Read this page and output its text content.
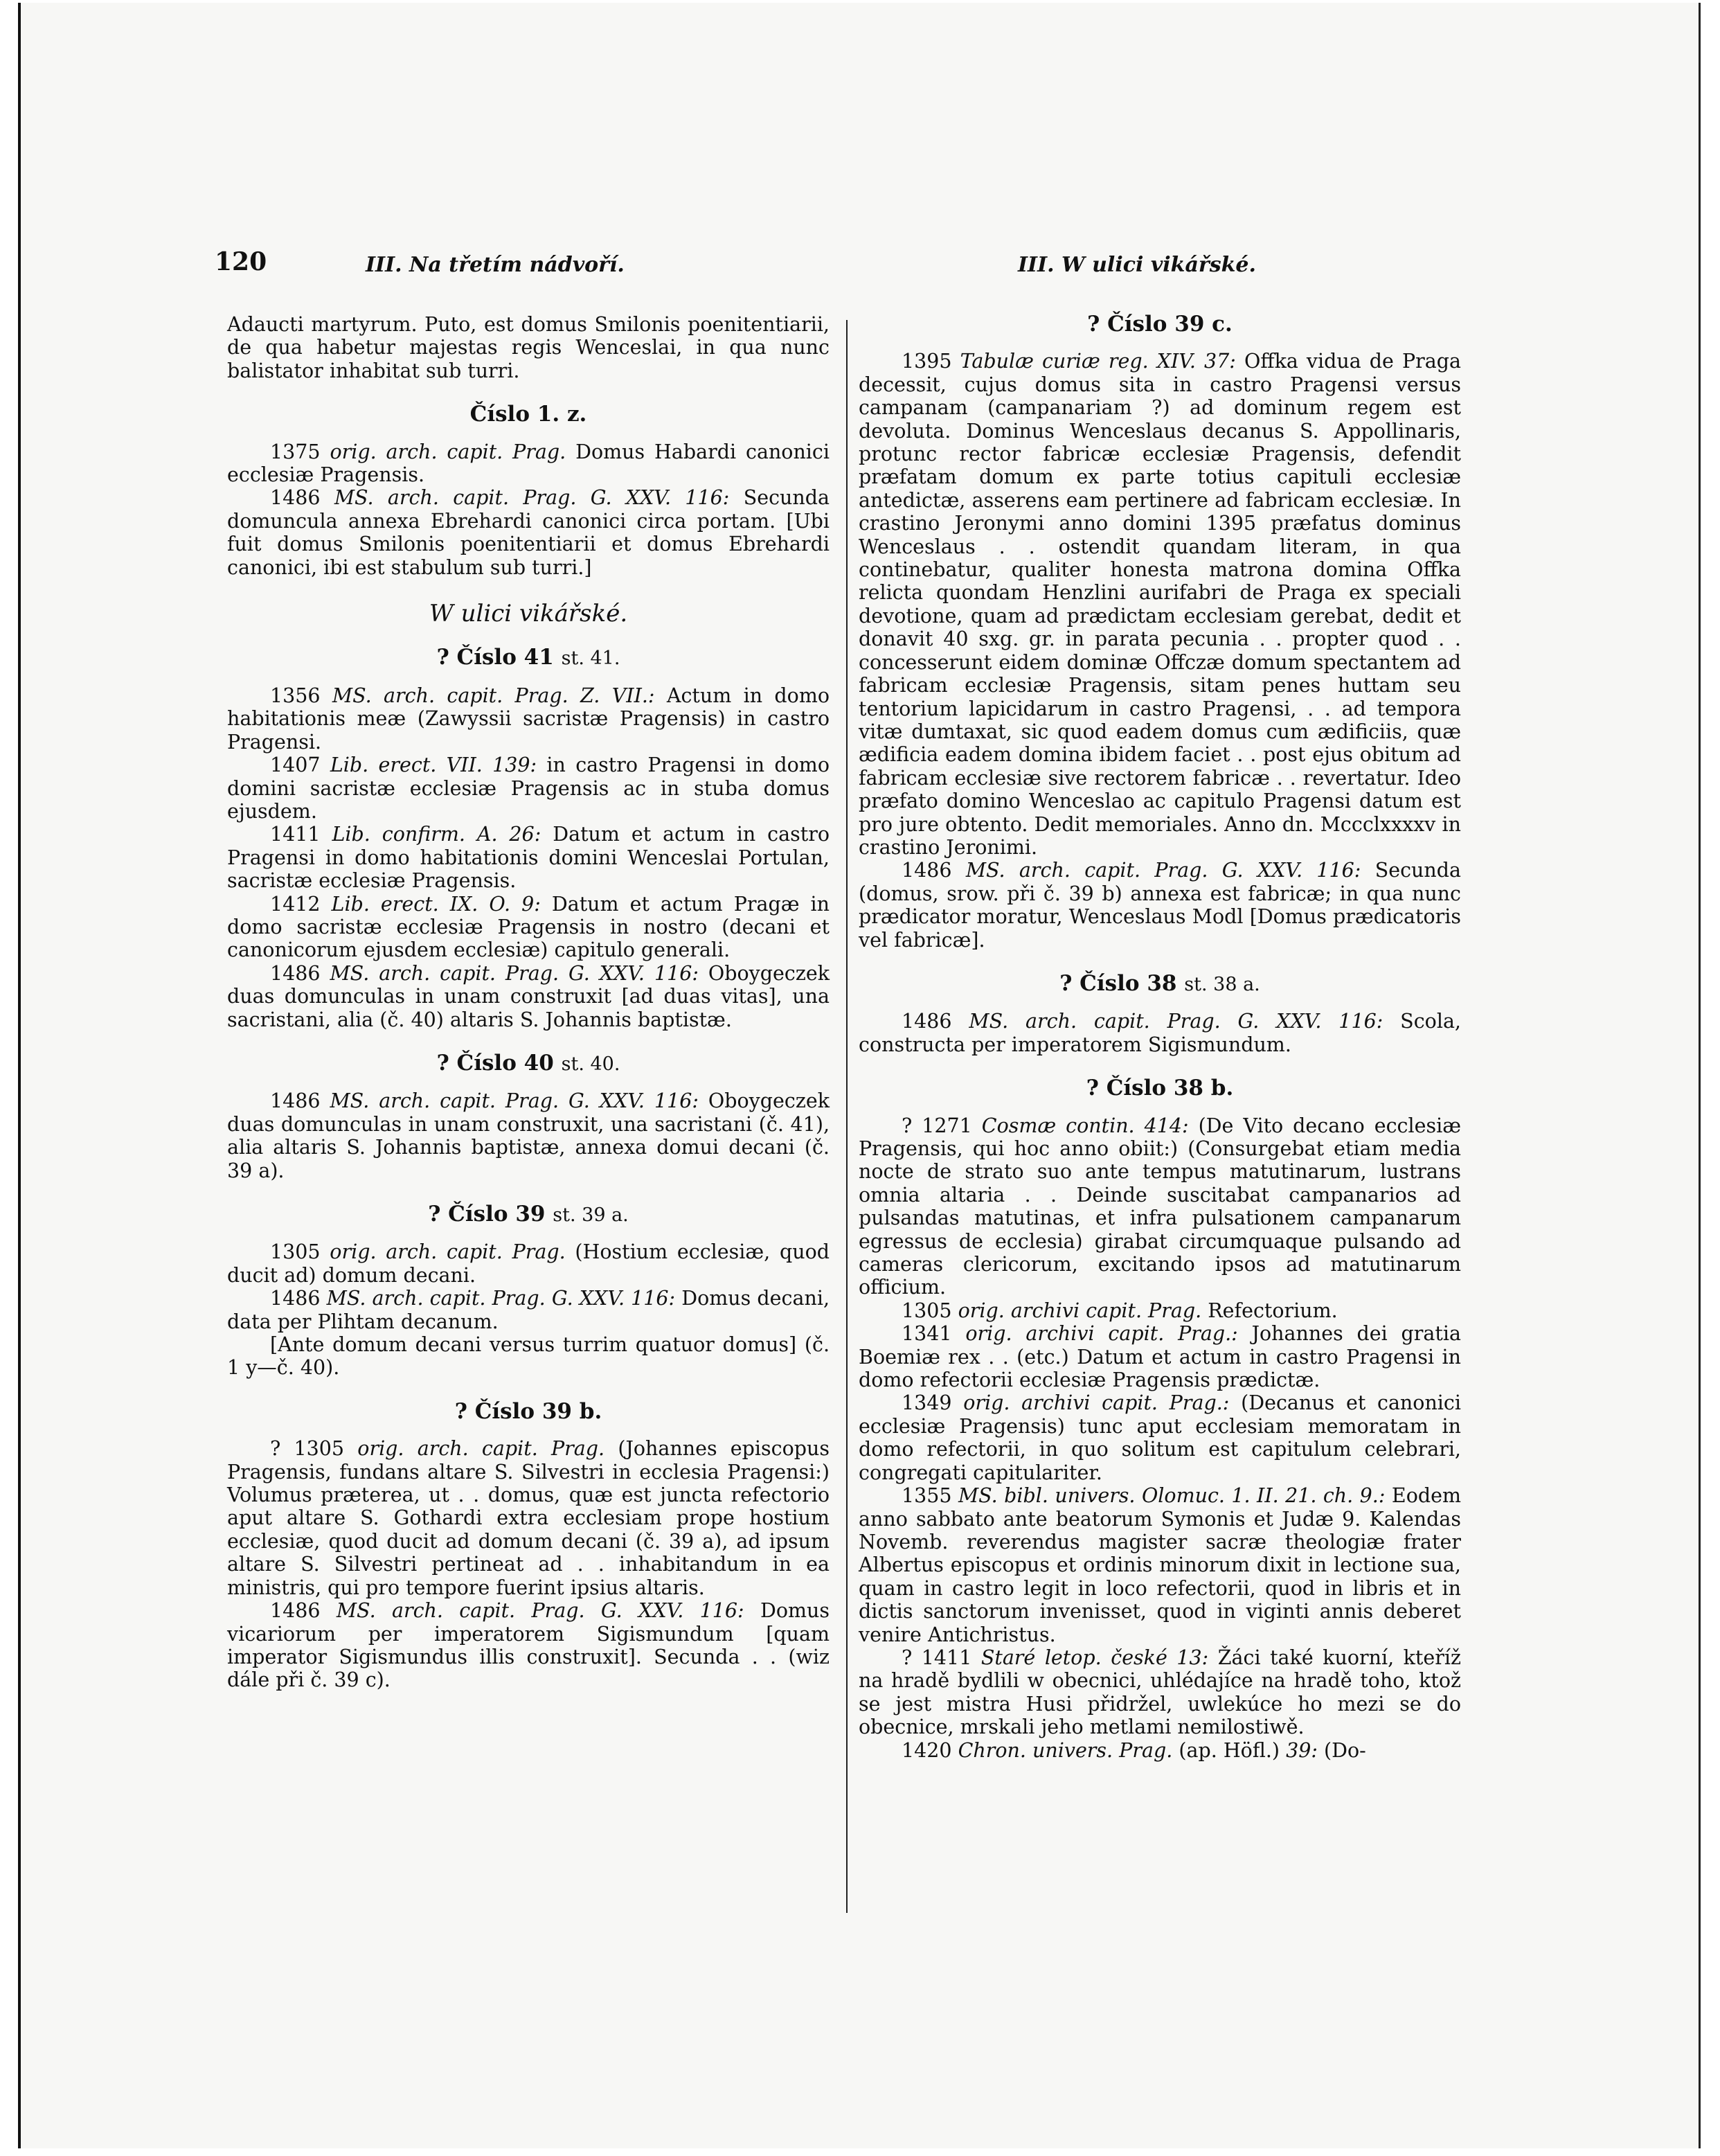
120	III. Na třetím nádvoří.	III. W ulici vikářské.

Adaucti martyrum. Puto, est domus Smilonis poenitentiarii, de qua habetur majestas regis Wenceslai, in qua nunc balistator inhabitat sub turri.

Číslo 1. z.

1375 orig. arch. capit. Prag. Domus Habardi canonici ecclesiæ Pragensis.

1486 MS. arch. capit. Prag. G. XXV. 116: Secunda domuncula annexa Ebrehardi canonici circa portam. [Ubi fuit domus Smilonis poenitentiarii et domus Ebrehardi canonici, ibi est stabulum sub turri.]

W ulici vikářské.
? Číslo 41 st. 41.

1356 MS. arch. capit. Prag. Z. VII.: Actum in domo habitationis meæ (Zawyssii sacristæ Pragensis) in castro Pragensi.

1407 Lib. erect. VII. 139: in castro Pragensi in domo domini sacristæ ecclesiæ Pragensis ac in stuba domus ejusdem.

1411 Lib. confirm. A. 26: Datum et actum in castro Pragensi in domo habitationis domini Wenceslai Portulan, sacristæ ecclesiæ Pragensis.

1412 Lib. erect. IX. O. 9: Datum et actum Pragæ in domo sacristæ ecclesiæ Pragensis in nostro (decani et canonicorum ejusdem ecclesiæ) capitulo generali.

1486 MS. arch. capit. Prag. G. XXV. 116: Oboygeczek duas domunculas in unam construxit [ad duas vitas], una sacristani, alia (č. 40) altaris S. Johannis baptistæ.

? Číslo 40 st. 40.

1486 MS. arch. capit. Prag. G. XXV. 116: Oboygeczek duas domunculas in unam construxit, una sacristani (č. 41), alia altaris S. Johannis baptistæ, annexa domui decani (č. 39 a).

? Číslo 39 st. 39 a.

1305 orig. arch. capit. Prag. (Hostium ecclesiæ, quod ducit ad) domum decani.

1486 MS. arch. capit. Prag. G. XXV. 116: Domus decani, data per Plihtam decanum.

[Ante domum decani versus turrim quatuor domus] (č. 1 y—č. 40).

? Číslo 39 b.

? 1305 orig. arch. capit. Prag. (Johannes episcopus Pragensis, fundans altare S. Silvestri in ecclesia Pragensi:) Volumus præterea, ut . . domus, quæ est juncta refectorio aput altare S. Gothardi extra ecclesiam prope hostium ecclesiæ, quod ducit ad domum decani (č. 39 a), ad ipsum altare S. Silvestri pertineat ad . . inhabitandum in ea ministris, qui pro tempore fuerint ipsius altaris.

1486 MS. arch. capit. Prag. G. XXV. 116: Domus vicariorum per imperatorem Sigismundum [quam imperator Sigismundus illis construxit]. Secunda . . (wiz dále při č. 39 c).

? Číslo 39 c.

1395 Tabulæ curiæ reg. XIV. 37: Offka vidua de Praga decessit, cujus domus sita in castro Pragensi versus campanam (campanariam ?) ad dominum regem est devoluta. Dominus Wenceslaus decanus S. Appollinaris, protunc rector fabricæ ecclesiæ Pragensis, defendit præfatam domum ex parte totius capituli ecclesiæ antedictæ, asserens eam pertinere ad fabricam ecclesiæ. In crastino Jeronymi anno domini 1395 præfatus dominus Wenceslaus . . ostendit quandam literam, in qua continebatur, qualiter honesta matrona domina Offka relicta quondam Henzlini aurifabri de Praga ex speciali devotione, quam ad prædictam ecclesiam gerebat, dedit et donavit 40 sxg. gr. in parata pecunia . . propter quod . . concesserunt eidem dominæ Offczæ domum spectantem ad fabricam ecclesiæ Pragensis, sitam penes huttam seu tentorium lapicidarum in castro Pragensi, . . ad tempora vitæ dumtaxat, sic quod eadem domus cum ædificiis, quæ ædificia eadem domina ibidem faciet . . post ejus obitum ad fabricam ecclesiæ sive rectorem fabricæ . . revertatur. Ideo præfato domino Wenceslao ac capitulo Pragensi datum est pro jure obtento. Dedit memoriales. Anno dn. Mccclxxxxv in crastino Jeronimi.

1486 MS. arch. capit. Prag. G. XXV. 116: Secunda (domus, srow. při č. 39 b) annexa est fabricæ; in qua nunc prædicator moratur, Wenceslaus Modl [Domus prædicatoris vel fabricæ].

? Číslo 38 st. 38 a.

1486 MS. arch. capit. Prag. G. XXV. 116: Scola, constructa per imperatorem Sigismundum.

? Číslo 38 b.

? 1271 Cosmæ contin. 414: (De Vito decano ecclesiæ Pragensis, qui hoc anno obiit:) (Consurgebat etiam media nocte de strato suo ante tempus matutinarum, lustrans omnia altaria . . Deinde suscitabat campanarios ad pulsandas matutinas, et infra pulsationem campanarum egressus de ecclesia) girabat circumquaque pulsando ad cameras clericorum, excitando ipsos ad matutinarum officium.

1305 orig. archivi capit. Prag. Refectorium.

1341 orig. archivi capit. Prag.: Johannes dei gratia Boemiæ rex . . (etc.) Datum et actum in castro Pragensi in domo refectorii ecclesiæ Pragensis prædictæ.

1349 orig. archivi capit. Prag.: (Decanus et canonici ecclesiæ Pragensis) tunc aput ecclesiam memoratam in domo refectorii, in quo solitum est capitulum celebrari, congregati capitulariter.

1355 MS. bibl. univers. Olomuc. 1. II. 21. ch. 9.: Eodem anno sabbato ante beatorum Symonis et Judæ 9. Kalendas Novemb. reverendus magister sacræ theologiæ frater Albertus episcopus et ordinis minorum dixit in lectione sua, quam in castro legit in loco refectorii, quod in libris et in dictis sanctorum invenisset, quod in viginti annis deberet venire Antichristus.

? 1411 Staré letop. české 13: Žáci také kuorní, kteříž na hradě bydlili w obecnici, uhlédajíce na hradě toho, ktož se jest mistra Husi přidržel, uwlekúce ho mezi se do obecnice, mrskali jeho metlami nemilostiwě.

1420 Chron. univers. Prag. (ap. Höfl.) 39: (Do-
